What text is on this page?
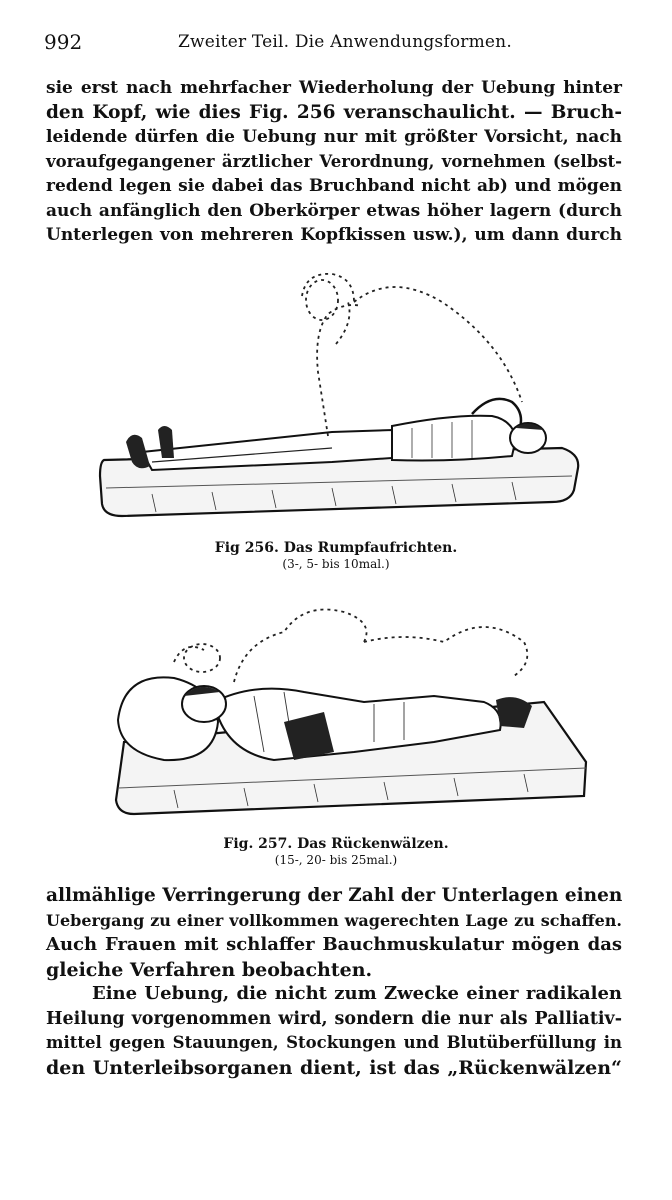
992	Zweiter Teil. Die Anwendungsformen.
sie erst nach mehrfacher Wiederholung der Uebung hinter
den Kopf, wie dies Fig. 256 veranschaulicht. — Bruch-
leidende dürfen die Uebung nur mit größter Vorsicht, nach
voraufgegangener ärztlicher Verordnung, vornehmen (selbst-
redend legen sie dabei das Bruchband nicht ab) und mögen
auch anfänglich den Oberkörper etwas höher lagern (durch
Unterlegen von mehreren Kopfkissen usw.), um dann durch
Fig 256. Das Rumpfaufrichten.
(3-, 5- bis 10mal.)
Fig. 257. Das Rückenwälzen.
(15-, 20- bis 25mal.)
allmählige Verringerung der Zahl der Unterlagen einen
Uebergang zu einer vollkommen wagerechten Lage zu schaffen.
Auch Frauen mit schlaffer Bauchmuskulatur mögen das
gleiche Verfahren beobachten.
Eine Uebung, die nicht zum Zwecke einer radikalen
Heilung vorgenommen wird, sondern die nur als Palliativ-
mittel gegen Stauungen, Stockungen und Blutüberfüllung in
den Unterleibsorganen dient, ist das „Rückenwälzen“
